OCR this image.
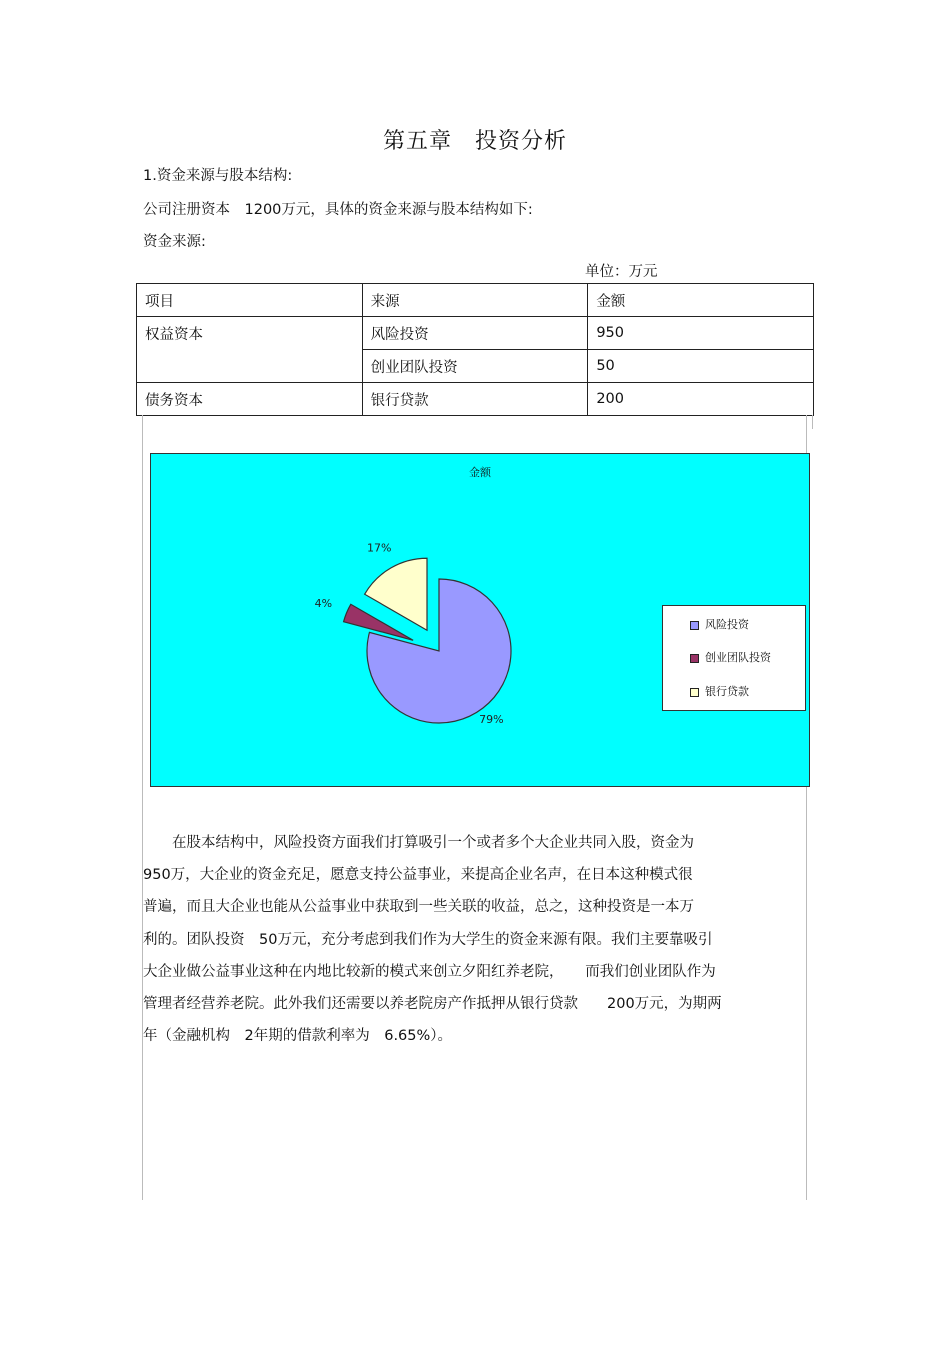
第五章　投资分析
1.资金来源与股本结构:
公司注册资本　1200万元，具体的资金来源与股本结构如下:
资金来源:
单位：万元
项目	来源	金额
权益资本	风险投资	950
	创业团队投资	50
债务资本	银行贷款	200
金额
79%
4%
17%
风险投资
创业团队投资
银行贷款
　　在股本结构中，风险投资方面我们打算吸引一个或者多个大企业共同入股，资金为
950万，大企业的资金充足，愿意支持公益事业，来提高企业名声，在日本这种模式很
普遍，而且大企业也能从公益事业中获取到一些关联的收益，总之，这种投资是一本万
利的。团队投资　50万元，充分考虑到我们作为大学生的资金来源有限。我们主要靠吸引
大企业做公益事业这种在内地比较新的模式来创立夕阳红养老院，　　而我们创业团队作为
管理者经营养老院。此外我们还需要以养老院房产作抵押从银行贷款　　200万元，为期两
年（金融机构　2年期的借款利率为　6.65%）。
